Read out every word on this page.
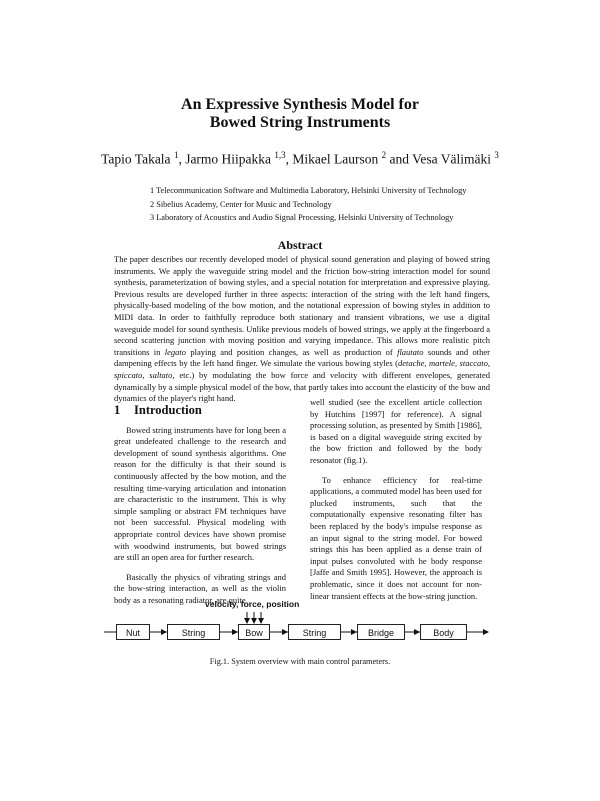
An Expressive Synthesis Model for
Bowed String Instruments
Tapio Takala $^1$, Jarmo Hiipakka $^{1,3}$, Mikael Laurson $^2$ and Vesa Välimäki $^3$
1 Telecommunication Software and Multimedia Laboratory, Helsinki University of Technology
2 Sibelius Academy, Center for Music and Technology
3 Laboratory of Acoustics and Audio Signal Processing, Helsinki University of Technology
Abstract

The paper describes our recently developed model of physical sound generation and playing of bowed string instruments. We apply the waveguide string model and the friction bow-string interaction model for sound synthesis, parameterization of bowing styles, and a special notation for interpretation and expressive playing. Previous results are developed further in three aspects: interaction of the string with the left hand fingers, physically-based modeling of the bow motion, and the notational expression of bowing styles in addition to MIDI data. In order to faithfully reproduce both stationary and transient vibrations, we use a digital waveguide model for sound synthesis. Unlike previous models of bowed strings, we apply at the fingerboard a second scattering junction with moving position and varying impedance. This allows more realistic pitch transitions in legato playing and position changes, as well as production of flautato sounds and other dampening effects by the left hand finger. We simulate the various bowing styles (detache, martele, staccato, spiccato, saltato, etc.) by modulating the bow force and velocity with different envelopes, generated dynamically by a simple physical model of the bow, that partly takes into account the elasticity of the bow and dynamics of the player's right hand.

1 Introduction

Bowed string instruments have for long been a great undefeated challenge to the research and development of sound synthesis algorithms. One reason for the difficulty is that their sound is continuously affected by the bow motion, and the resulting time-varying articulation and intonation are characteristic to the instrument. This is why simple sampling or abstract FM techniques have not been successful. Physical modeling with appropriate control devices have shown promise with woodwind instruments, but bowed strings are still an open area for further research.

Basically the physics of vibrating strings and the bow-string interaction, as well as the violin body as a resonating radiator, are quite

well studied (see the excellent article collection by Hutchins [1997] for reference). A signal processing solution, as presented by Smith [1986], is based on a digital waveguide string excited by the bow friction and followed by the body resonator (fig.1).

To enhance efficiency for real-time applications, a commuted model has been used for plucked instruments, such that the computationally expensive resonating filter has been replaced by the body's impulse response as an input signal to the string model. For bowed strings this has been applied as a dense train of input pulses convoluted with he body response [Jaffe and Smith 1995]. However, the approach is problematic, since it does not account for non-linear transient effects at the bow-string junction.

velocity, force, position
Nut	String	Bow	String	Bridge	Body
Fig.1. System overview with main control parameters.
